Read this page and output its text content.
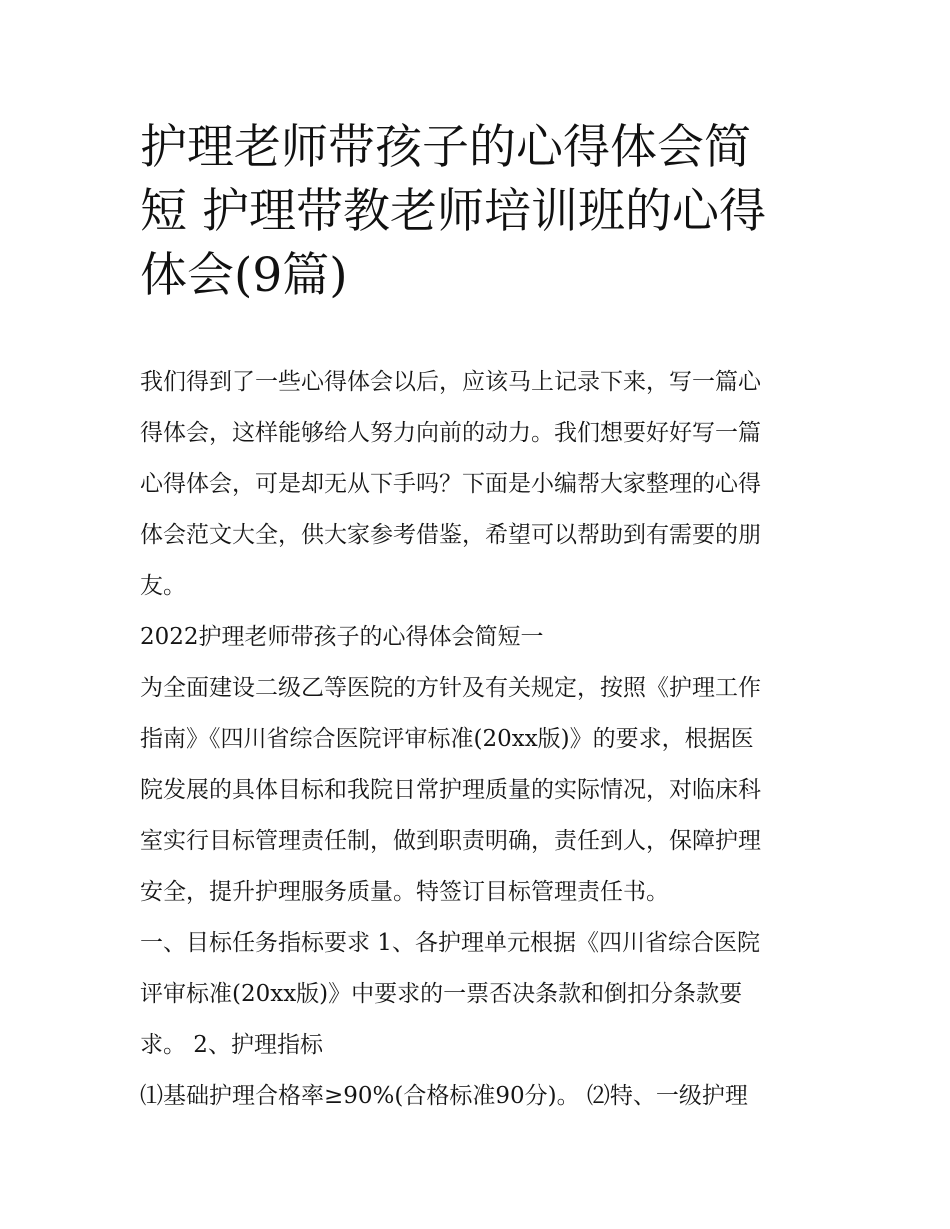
护理老师带孩子的心得体会简
短 护理带教老师培训班的心得
体会(9篇)
我们得到了一些心得体会以后，应该马上记录下来，写一篇心
得体会，这样能够给人努力向前的动力。我们想要好好写一篇
心得体会，可是却无从下手吗？下面是小编帮大家整理的心得
体会范文大全，供大家参考借鉴，希望可以帮助到有需要的朋
友。
2022护理老师带孩子的心得体会简短一
为全面建设二级乙等医院的方针及有关规定，按照《护理工作
指南》《四川省综合医院评审标准(20xx版)》的要求，根据医
院发展的具体目标和我院日常护理质量的实际情况，对临床科
室实行目标管理责任制，做到职责明确，责任到人，保障护理
安全，提升护理服务质量。特签订目标管理责任书。
一、目标任务指标要求 1、各护理单元根据《四川省综合医院
评审标准(20xx版)》中要求的一票否决条款和倒扣分条款要
求。 2、护理指标
⑴基础护理合格率≥90%(合格标准90分)。 ⑵特、一级护理
